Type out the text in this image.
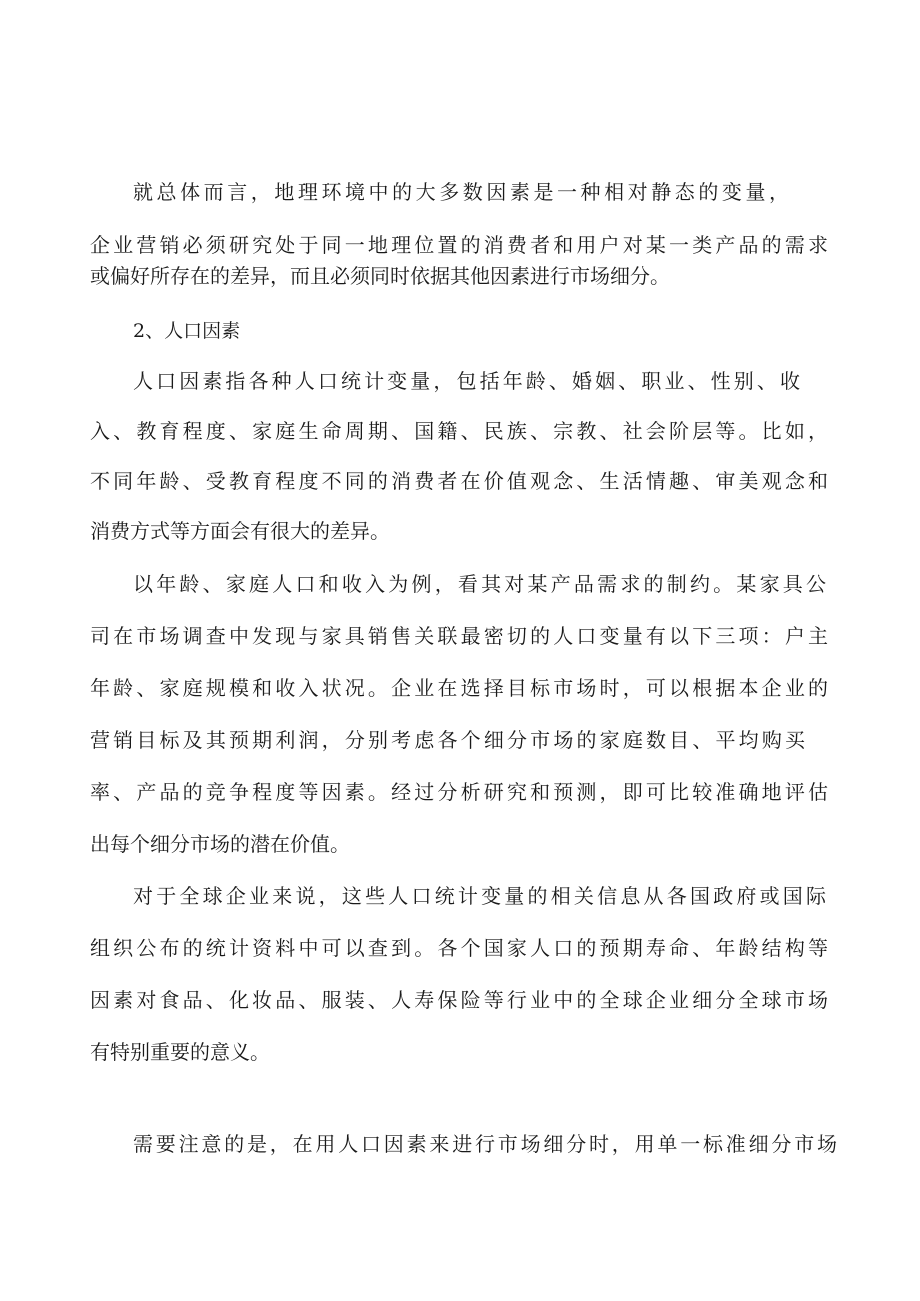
就总体而言，地理环境中的大多数因素是一种相对静态的变量，

企业营销必须研究处于同一地理位置的消费者和用户对某一类产品的需求

或偏好所存在的差异，而且必须同时依据其他因素进行市场细分。

2、人口因素

人口因素指各种人口统计变量，包括年龄、婚姻、职业、性别、收

入、教育程度、家庭生命周期、国籍、民族、宗教、社会阶层等。比如，

不同年龄、受教育程度不同的消费者在价值观念、生活情趣、审美观念和

消费方式等方面会有很大的差异。

以年龄、家庭人口和收入为例，看其对某产品需求的制约。某家具公

司在市场调查中发现与家具销售关联最密切的人口变量有以下三项：户主

年龄、家庭规模和收入状况。企业在选择目标市场时，可以根据本企业的

营销目标及其预期利润，分别考虑各个细分市场的家庭数目、平均购买

率、产品的竞争程度等因素。经过分析研究和预测，即可比较准确地评估

出每个细分市场的潜在价值。

对于全球企业来说，这些人口统计变量的相关信息从各国政府或国际

组织公布的统计资料中可以查到。各个国家人口的预期寿命、年龄结构等

因素对食品、化妆品、服装、人寿保险等行业中的全球企业细分全球市场

有特别重要的意义。

需要注意的是，在用人口因素来进行市场细分时，用单一标准细分市场
